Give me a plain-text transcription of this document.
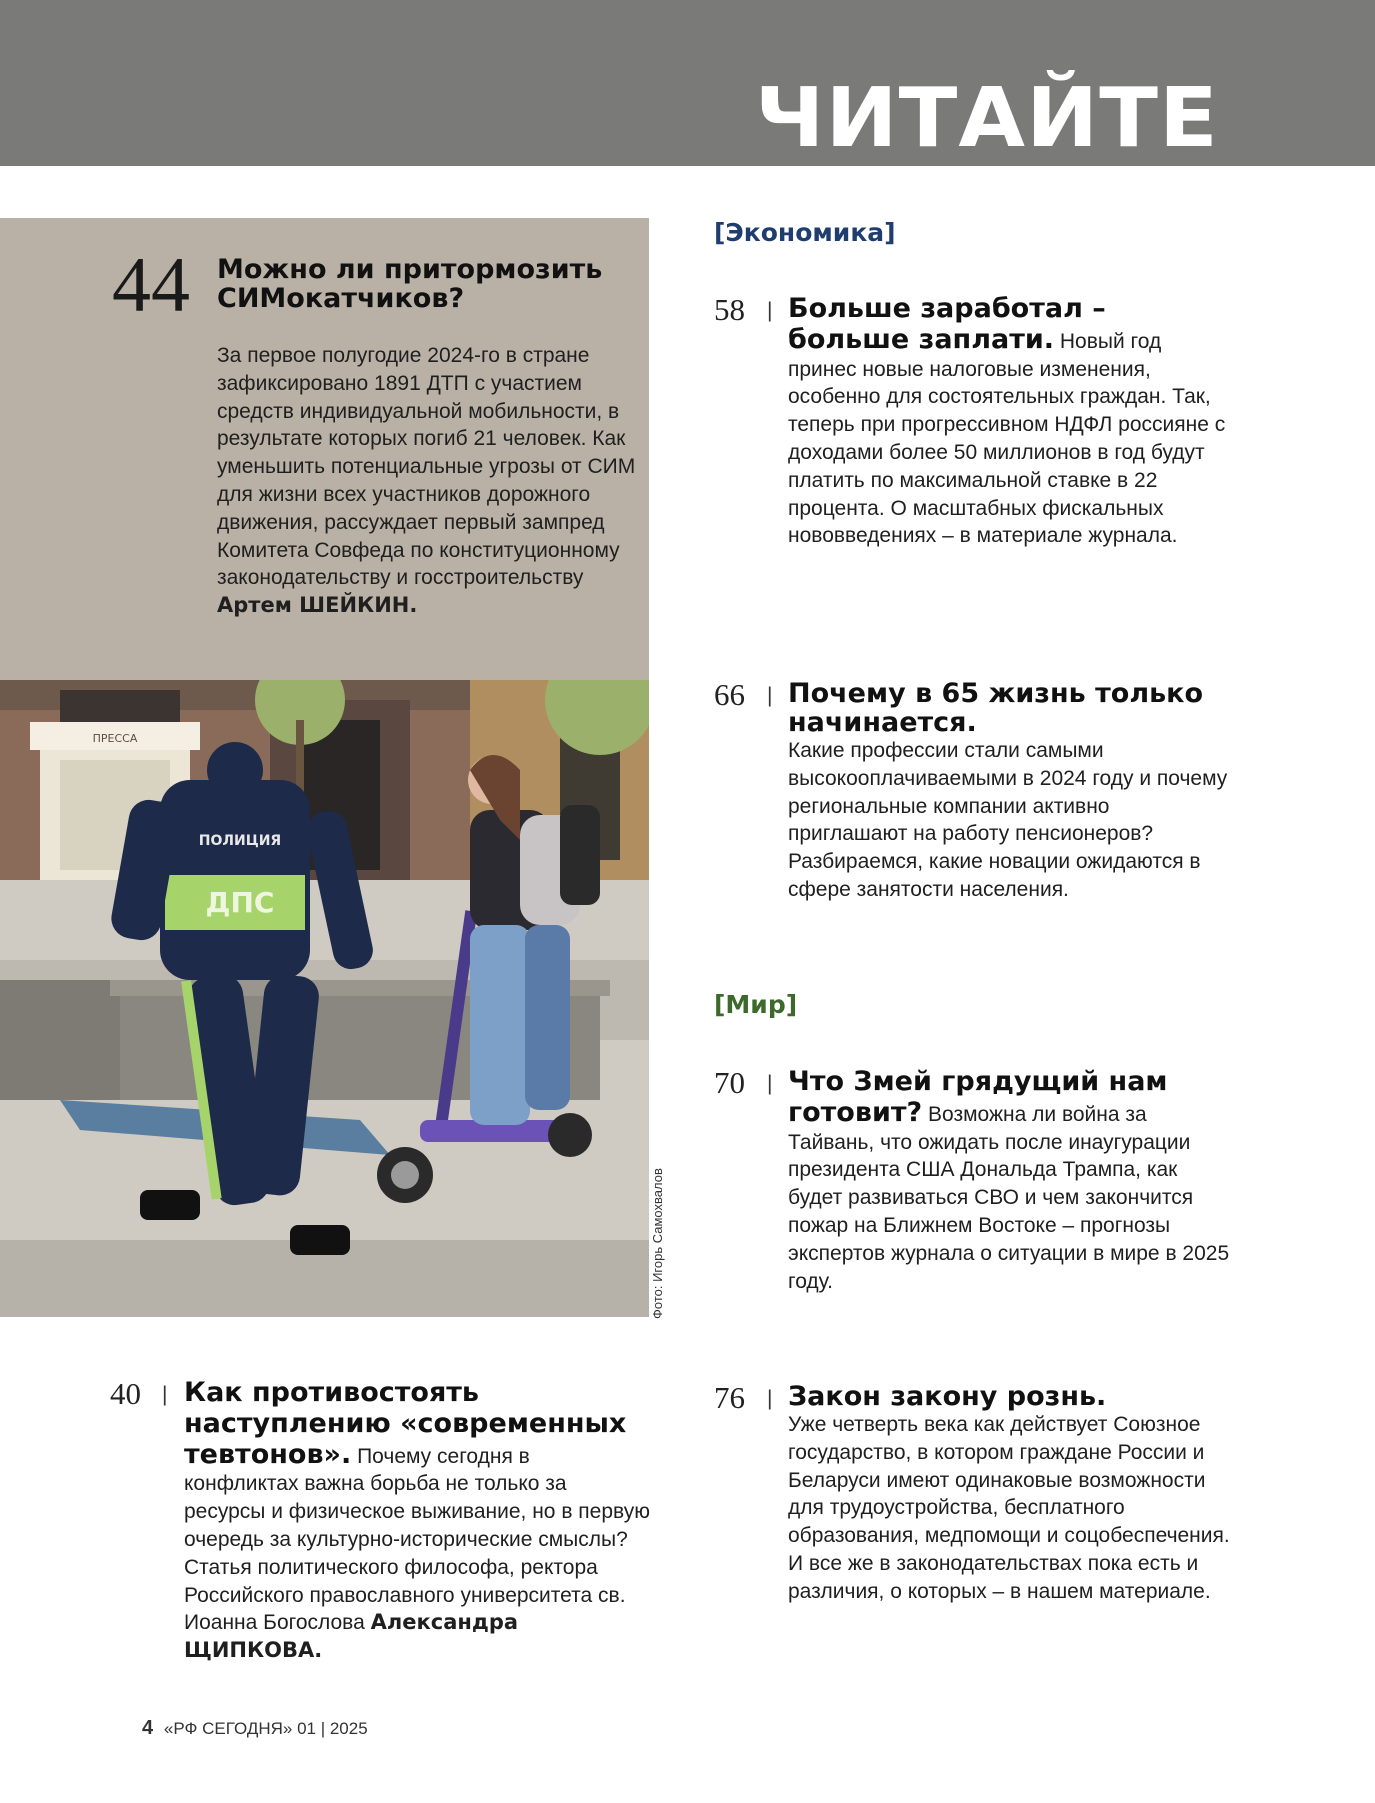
ЧИТАЙТЕ
44 Можно ли притормозить СИМокатчиков?
За первое полугодие 2024-го в стране зафиксировано 1891 ДТП с участием средств индивидуальной мобильности, в результате которых погиб 21 человек. Как уменьшить потенциальные угрозы от СИМ для жизни всех участников дорожного движения, рассуждает первый зампред Комитета Совфеда по конституционному законодательству и госстроительству Артем ШЕЙКИН.
ПРЕССА
ПОЛИЦИЯ
ДПС
Фото: Игорь Самохвалов
[Экономика]
[Мир]
58 | Больше заработал – больше заплати. Новый год принес новые налоговые изменения, особенно для состоятельных граждан. Так, теперь при прогрессивном НДФЛ россияне с доходами более 50 миллионов в год будут платить по максимальной ставке в 22 процента. О масштабных фискальных нововведениях – в материале журнала.
66 | Почему в 65 жизнь только начинается.
Какие профессии стали самыми высокооплачиваемыми в 2024 году и почему региональные компании активно приглашают на работу пенсионеров? Разбираемся, какие новации ожидаются в сфере занятости населения.
70 | Что Змей грядущий нам готовит? Возможна ли война за Тайвань, что ожидать после инаугурации президента США Дональда Трампа, как будет развиваться СВО и чем закончится пожар на Ближнем Востоке – прогнозы экспертов журнала о ситуации в мире в 2025 году.
76 | Закон закону рознь.
Уже четверть века как действует Союзное государство, в котором граждане России и Беларуси имеют одинаковые возможности для трудоустройства, бесплатного образования, медпомощи и соцобеспечения. И все же в законодательствах пока есть и различия, о которых – в нашем материале.
40 | Как противостоять наступлению «современных тевтонов». Почему сегодня в конфликтах важна борьба не только за ресурсы и физическое выживание, но в первую очередь за культурно-исторические смыслы? Статья политического философа, ректора Российского православного университета св. Иоанна Богослова Александра ЩИПКОВА.
4 «РФ СЕГОДНЯ» 01 | 2025
